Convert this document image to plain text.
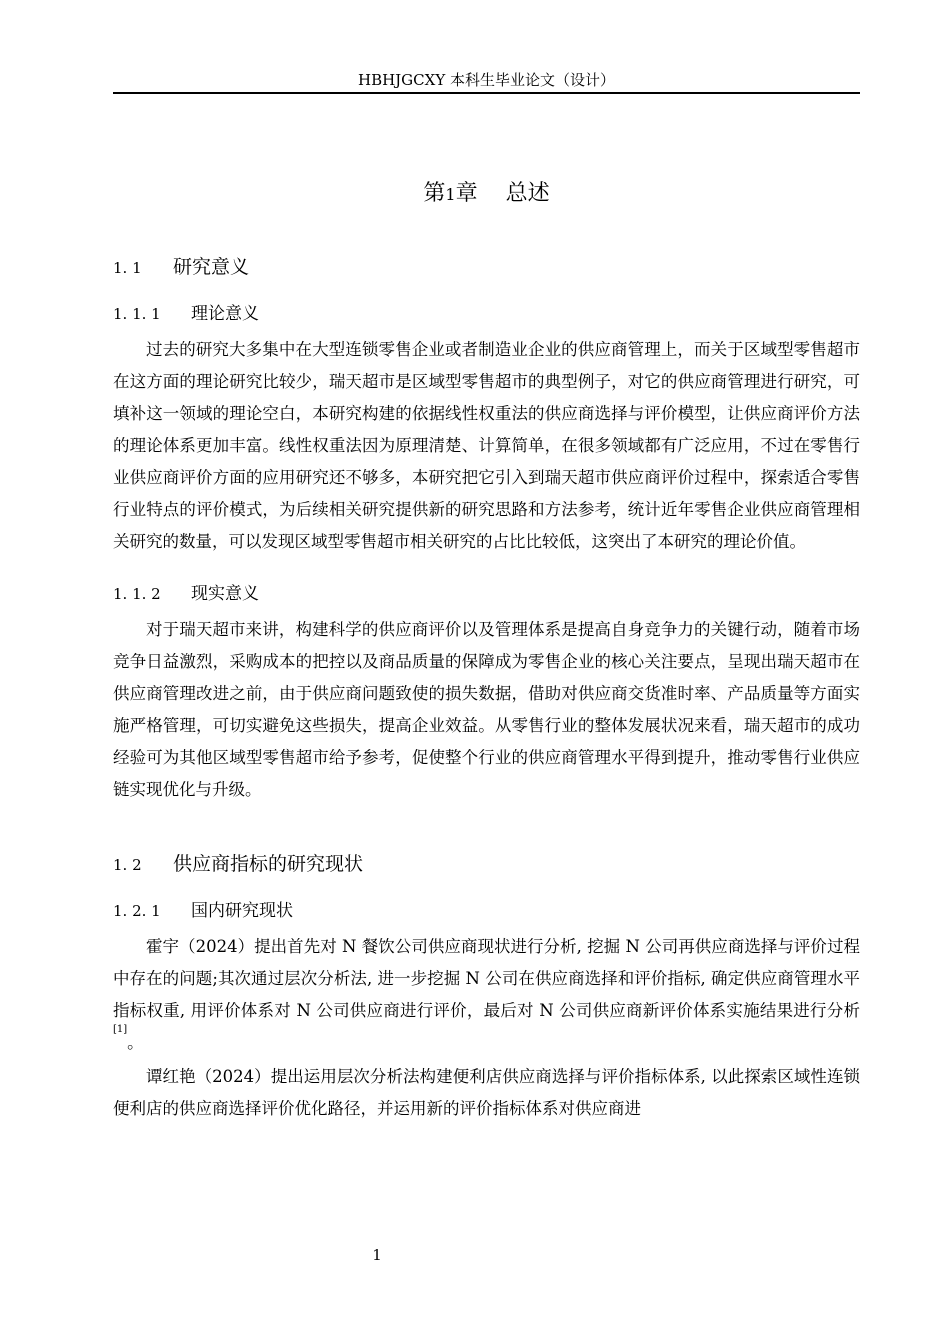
HBHJGCXY 本科生毕业论文（设计）
第1章 总述
1. 1 研究意义
1. 1. 1 理论意义

过去的研究大多集中在大型连锁零售企业或者制造业企业的供应商管理上，而关于区域型零售超市在这方面的理论研究比较少，瑞天超市是区域型零售超市的典型例子，对它的供应商管理进行研究，可填补这一领域的理论空白，本研究构建的依据线性权重法的供应商选择与评价模型，让供应商评价方法的理论体系更加丰富。线性权重法因为原理清楚、计算简单，在很多领域都有广泛应用，不过在零售行业供应商评价方面的应用研究还不够多，本研究把它引入到瑞天超市供应商评价过程中，探索适合零售行业特点的评价模式，为后续相关研究提供新的研究思路和方法参考，统计近年零售企业供应商管理相关研究的数量，可以发现区域型零售超市相关研究的占比比较低，这突出了本研究的理论价值。

1. 1. 2 现实意义

对于瑞天超市来讲，构建科学的供应商评价以及管理体系是提高自身竞争力的关键行动，随着市场竞争日益激烈，采购成本的把控以及商品质量的保障成为零售企业的核心关注要点，呈现出瑞天超市在供应商管理改进之前，由于供应商问题致使的损失数据，借助对供应商交货准时率、产品质量等方面实施严格管理，可切实避免这些损失，提高企业效益。从零售行业的整体发展状况来看，瑞天超市的成功经验可为其他区域型零售超市给予参考，促使整个行业的供应商管理水平得到提升，推动零售行业供应链实现优化与升级。

1. 2 供应商指标的研究现状
1. 2. 1 国内研究现状

霍宇（2024）提出首先对 N 餐饮公司供应商现状进行分析, 挖掘 N 公司再供应商选择与评价过程中存在的问题;其次通过层次分析法, 进一步挖掘 N 公司在供应商选择和评价指标, 确定供应商管理水平指标权重, 用评价体系对 N 公司供应商进行评价，最后对 N 公司供应商新评价体系实施结果进行分析[1]。

谭红艳（2024）提出运用层次分析法构建便利店供应商选择与评价指标体系, 以此探索区域性连锁便利店的供应商选择评价优化路径，并运用新的评价指标体系对供应商进

1
